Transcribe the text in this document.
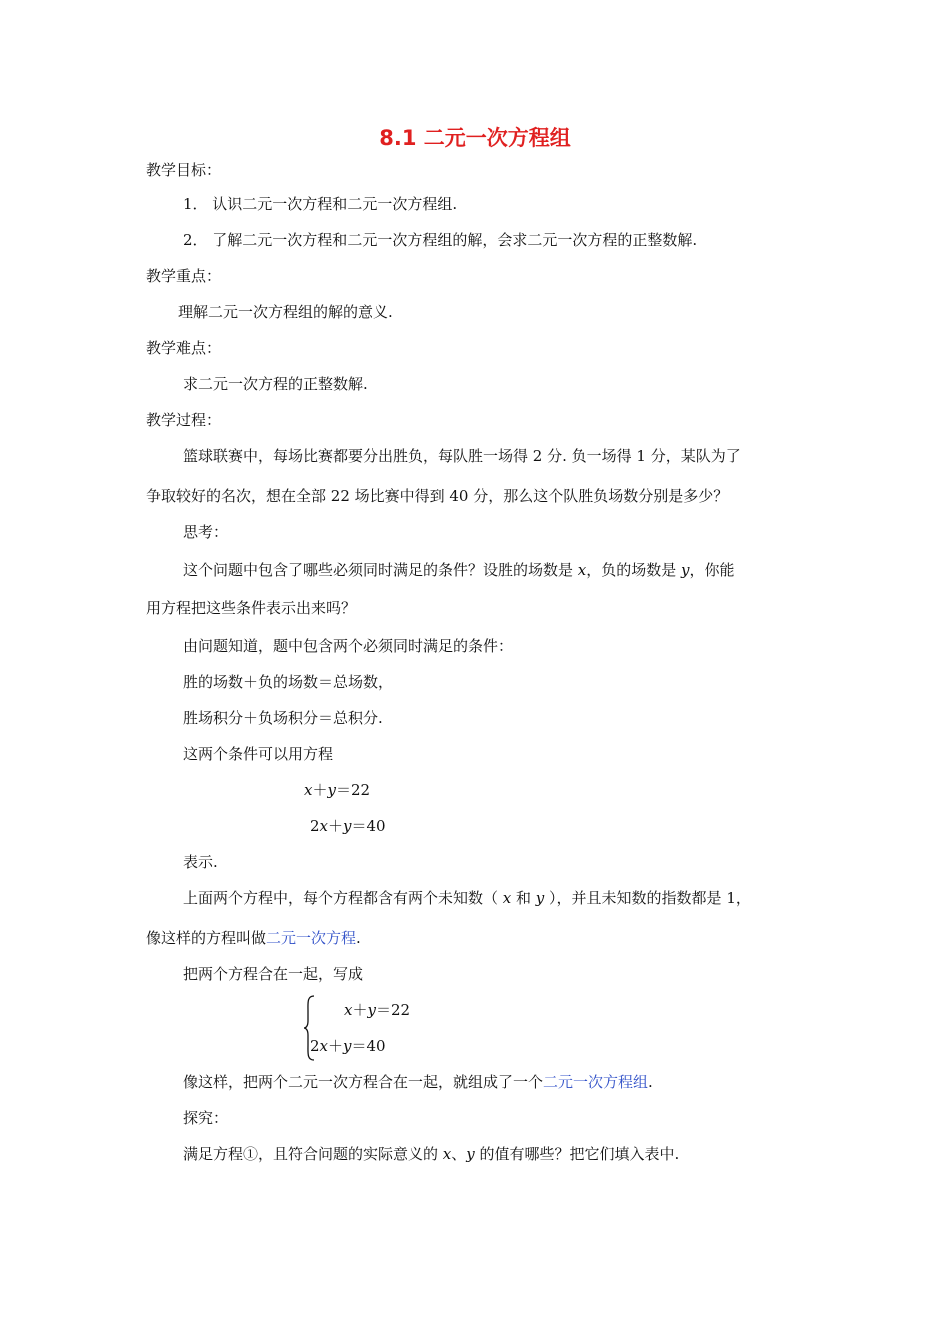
8.1 二元一次方程组
教学目标：
1． 认识二元一次方程和二元一次方程组.
2． 了解二元一次方程和二元一次方程组的解，会求二元一次方程的正整数解.
教学重点：
理解二元一次方程组的解的意义.
教学难点：
求二元一次方程的正整数解.
教学过程：
篮球联赛中，每场比赛都要分出胜负，每队胜一场得 2 分. 负一场得 1 分，某队为了
争取较好的名次，想在全部 22 场比赛中得到 40 分，那么这个队胜负场数分别是多少？
思考：
这个问题中包含了哪些必须同时满足的条件？设胜的场数是 x，负的场数是 y，你能
用方程把这些条件表示出来吗？
由问题知道，题中包含两个必须同时满足的条件：
胜的场数＋负的场数＝总场数，
胜场积分＋负场积分＝总积分.
这两个条件可以用方程
x＋y＝22
2x＋y＝40
表示.
上面两个方程中，每个方程都含有两个未知数（ x 和 y ），并且未知数的指数都是 1，
像这样的方程叫做二元一次方程.
把两个方程合在一起，写成
x＋y＝22
2x＋y＝40
像这样，把两个二元一次方程合在一起，就组成了一个二元一次方程组.
探究：
满足方程①，且符合问题的实际意义的 x、y 的值有哪些？把它们填入表中.
